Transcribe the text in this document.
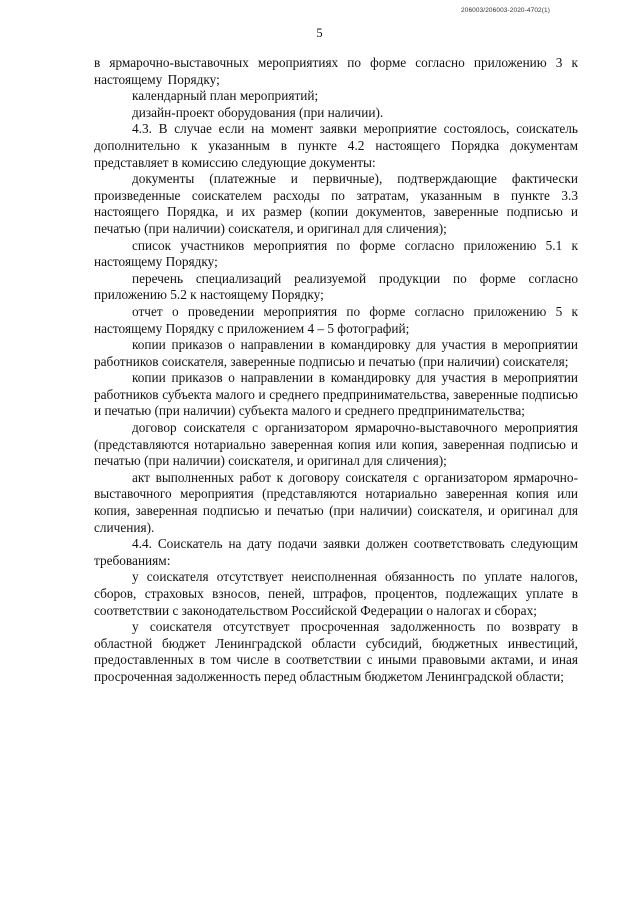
206003/206003-2020-4702(1)
5

в ярмарочно-выставочных мероприятиях по форме согласно приложению 3 к настоящему Порядку;

календарный план мероприятий;

дизайн-проект оборудования (при наличии).

4.3. В случае если на момент заявки мероприятие состоялось, соискатель дополнительно к указанным в пункте 4.2 настоящего Порядка документам представляет в комиссию следующие документы:

документы (платежные и первичные), подтверждающие фактически произведенные соискателем расходы по затратам, указанным в пункте 3.3 настоящего Порядка, и их размер (копии документов, заверенные подписью и печатью (при наличии) соискателя, и оригинал для сличения);

список участников мероприятия по форме согласно приложению 5.1 к настоящему Порядку;

перечень специализаций реализуемой продукции по форме согласно приложению 5.2 к настоящему Порядку;

отчет о проведении мероприятия по форме согласно приложению 5 к настоящему Порядку с приложением 4 – 5 фотографий;

копии приказов о направлении в командировку для участия в мероприятии работников соискателя, заверенные подписью и печатью (при наличии) соискателя;

копии приказов о направлении в командировку для участия в мероприятии работников субъекта малого и среднего предпринимательства, заверенные подписью и печатью (при наличии) субъекта малого и среднего предпринимательства;

договор соискателя с организатором ярмарочно-выставочного мероприятия (представляются нотариально заверенная копия или копия, заверенная подписью и печатью (при наличии) соискателя, и оригинал для сличения);

акт выполненных работ к договору соискателя с организатором ярмарочно-выставочного мероприятия (представляются нотариально заверенная копия или копия, заверенная подписью и печатью (при наличии) соискателя, и оригинал для сличения).

4.4. Соискатель на дату подачи заявки должен соответствовать следующим требованиям:

у соискателя отсутствует неисполненная обязанность по уплате налогов, сборов, страховых взносов, пеней, штрафов, процентов, подлежащих уплате в соответствии с законодательством Российской Федерации о налогах и сборах;

у соискателя отсутствует просроченная задолженность по возврату в областной бюджет Ленинградской области субсидий, бюджетных инвестиций, предоставленных в том числе в соответствии с иными правовыми актами, и иная просроченная задолженность перед областным бюджетом Ленинградской области;
